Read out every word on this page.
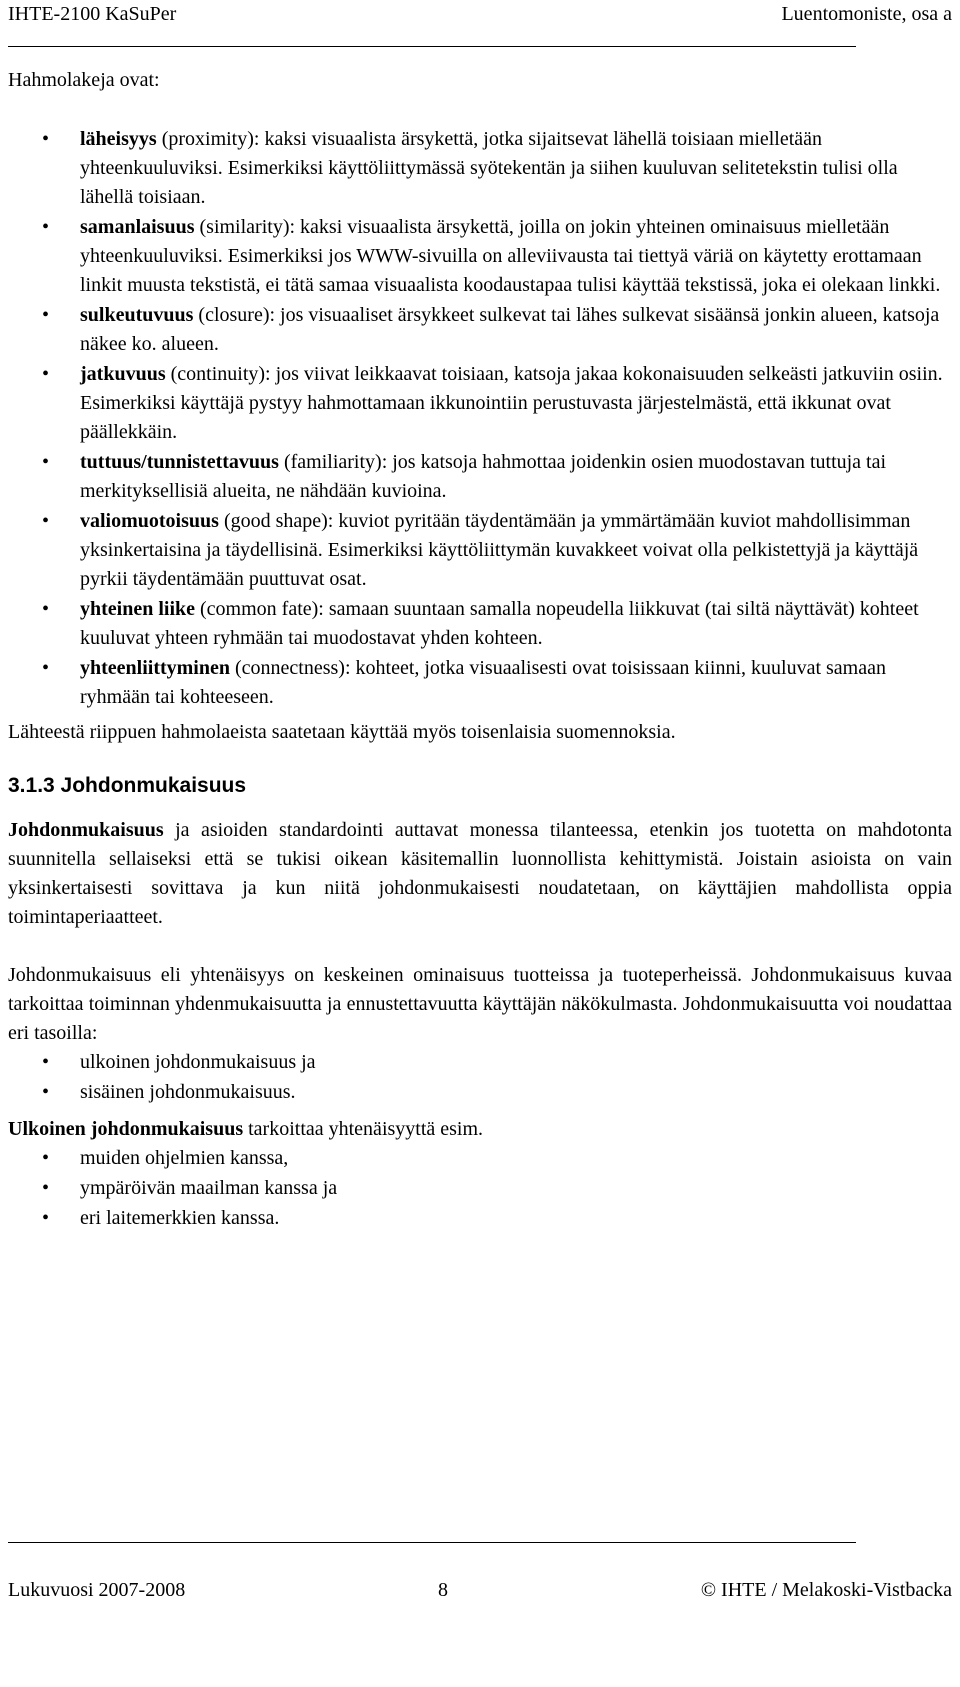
IHTE-2100 KaSuPer	Luentomoniste, osa a

Hahmolakeja ovat:

• läheisyys (proximity): kaksi visuaalista ärsykettä, jotka sijaitsevat lähellä toisiaan mielletään yhteenkuuluviksi. Esimerkiksi käyttöliittymässä syötekentän ja siihen kuuluvan selitetekstin tulisi olla lähellä toisiaan.
• samanlaisuus (similarity): kaksi visuaalista ärsykettä, joilla on jokin yhteinen ominaisuus mielletään yhteenkuuluviksi. Esimerkiksi jos WWW-sivuilla on alleviivausta tai tiettyä väriä on käytetty erottamaan linkit muusta tekstistä, ei tätä samaa visuaalista koodaustapaa tulisi käyttää tekstissä, joka ei olekaan linkki.
• sulkeutuvuus (closure): jos visuaaliset ärsykkeet sulkevat tai lähes sulkevat sisäänsä jonkin alueen, katsoja näkee ko. alueen.
• jatkuvuus (continuity): jos viivat leikkaavat toisiaan, katsoja jakaa kokonaisuuden selkeästi jatkuviin osiin. Esimerkiksi käyttäjä pystyy hahmottamaan ikkunointiin perustuvasta järjestelmästä, että ikkunat ovat päällekkäin.
• tuttuus/tunnistettavuus (familiarity): jos katsoja hahmottaa joidenkin osien muodostavan tuttuja tai merkityksellisiä alueita, ne nähdään kuvioina.
• valiomuotoisuus (good shape): kuviot pyritään täydentämään ja ymmärtämään kuviot mahdollisimman yksinkertaisina ja täydellisinä. Esimerkiksi käyttöliittymän kuvakkeet voivat olla pelkistettyjä ja käyttäjä pyrkii täydentämään puuttuvat osat.
• yhteinen liike (common fate): samaan suuntaan samalla nopeudella liikkuvat (tai siltä näyttävät) kohteet kuuluvat yhteen ryhmään tai muodostavat yhden kohteen.
• yhteenliittyminen (connectness): kohteet, jotka visuaalisesti ovat toisissaan kiinni, kuuluvat samaan ryhmään tai kohteeseen.

Lähteestä riippuen hahmolaeista saatetaan käyttää myös toisenlaisia suomennoksia.

3.1.3 Johdonmukaisuus

Johdonmukaisuus ja asioiden standardointi auttavat monessa tilanteessa, etenkin jos tuotetta on mahdotonta suunnitella sellaiseksi että se tukisi oikean käsitemallin luonnollista kehittymistä. Joistain asioista on vain yksinkertaisesti sovittava ja kun niitä johdonmukaisesti noudatetaan, on käyttäjien mahdollista oppia toimintaperiaatteet.

Johdonmukaisuus eli yhtenäisyys on keskeinen ominaisuus tuotteissa ja tuoteperheissä. Johdonmukaisuus kuvaa tarkoittaa toiminnan yhdenmukaisuutta ja ennustettavuutta käyttäjän näkökulmasta. Johdonmukaisuutta voi noudattaa eri tasoilla:

• ulkoinen johdonmukaisuus ja
• sisäinen johdonmukaisuus.

Ulkoinen johdonmukaisuus tarkoittaa yhtenäisyyttä esim.

• muiden ohjelmien kanssa,
• ympäröivän maailman kanssa ja
• eri laitemerkkien kanssa.
Lukuvuosi 2007-2008	8	© IHTE / Melakoski-Vistbacka
